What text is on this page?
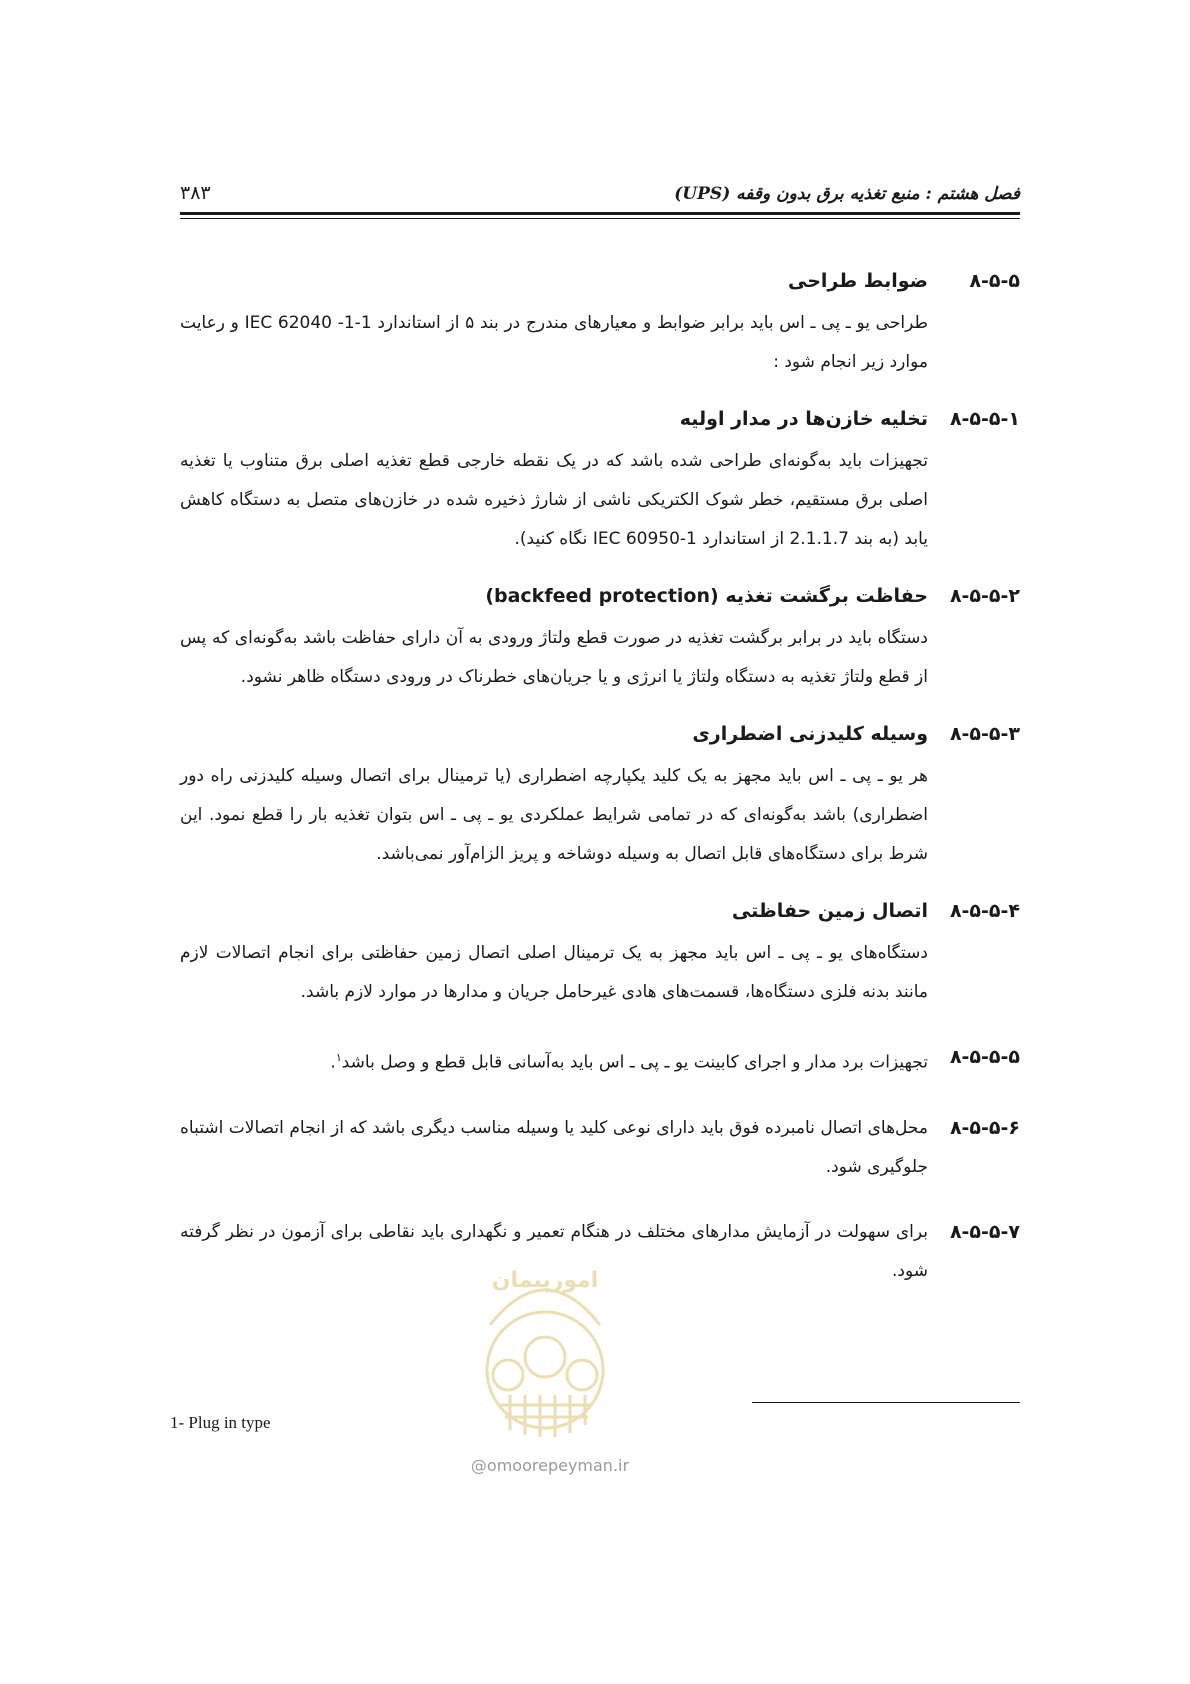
فصل هشتم : منبع تغذیه برق بدون وقفه (UPS)
۳۸۳
۸-۵-۵
ضوابط طراحی
طراحی یو ـ پی ـ اس باید برابر ضوابط و معیارهای مندرج در بند ۵ از استاندارد 1-1- IEC 62040 و رعایت موارد زیر انجام شود :
۸-۵-۵-۱
تخلیه خازن‌ها در مدار اولیه
تجهیزات باید به‌گونه‌ای طراحی شده باشد که در یک نقطه خارجی قطع تغذیه اصلی برق متناوب یا تغذیه اصلی برق مستقیم، خطر شوک الکتریکی ناشی از شارژ ذخیره شده در خازن‌های متصل به دستگاه کاهش یابد (به بند 2.1.1.7 از استاندارد IEC 60950-1 نگاه کنید).
۸-۵-۵-۲
حفاظت برگشت تغذیه (backfeed protection)
دستگاه باید در برابر برگشت تغذیه در صورت قطع ولتاژ ورودی به آن دارای حفاظت باشد به‌گونه‌ای که پس از قطع ولتاژ تغذیه به دستگاه ولتاژ یا انرژی و یا جریان‌های خطرناک در ورودی دستگاه ظاهر نشود.
۸-۵-۵-۳
وسیله کلیدزنی اضطراری
هر یو ـ پی ـ اس باید مجهز به یک کلید یکپارچه اضطراری (یا ترمینال برای اتصال وسیله کلیدزنی راه دور اضطراری) باشد به‌گونه‌ای که در تمامی شرایط عملکردی یو ـ پی ـ اس بتوان تغذیه بار را قطع نمود. این شرط برای دستگاه‌های قابل اتصال به وسیله دوشاخه و پریز الزام‌آور نمی‌باشد.
۸-۵-۵-۴
اتصال زمین حفاظتی
دستگاه‌های یو ـ پی ـ اس باید مجهز به یک ترمینال اصلی اتصال زمین حفاظتی برای انجام اتصالات لازم مانند بدنه فلزی دستگاه‌ها، قسمت‌های هادی غیرحامل جریان و مدارها در موارد لازم باشد.
۸-۵-۵-۵
تجهیزات برد مدار و اجرای کابینت یو ـ پی ـ اس باید به‌آسانی قابل قطع و وصل باشد$^۱$.
۸-۵-۵-۶
محل‌های اتصال نامبرده فوق باید دارای نوعی کلید یا وسیله مناسب دیگری باشد که از انجام اتصالات اشتباه جلوگیری شود.
۸-۵-۵-۷
برای سهولت در آزمایش مدارهای مختلف در هنگام تعمیر و نگهداری باید نقاطی برای آزمون در نظر گرفته شود.
امورپیمان
@omoorepeyman.ir
1- Plug in type
